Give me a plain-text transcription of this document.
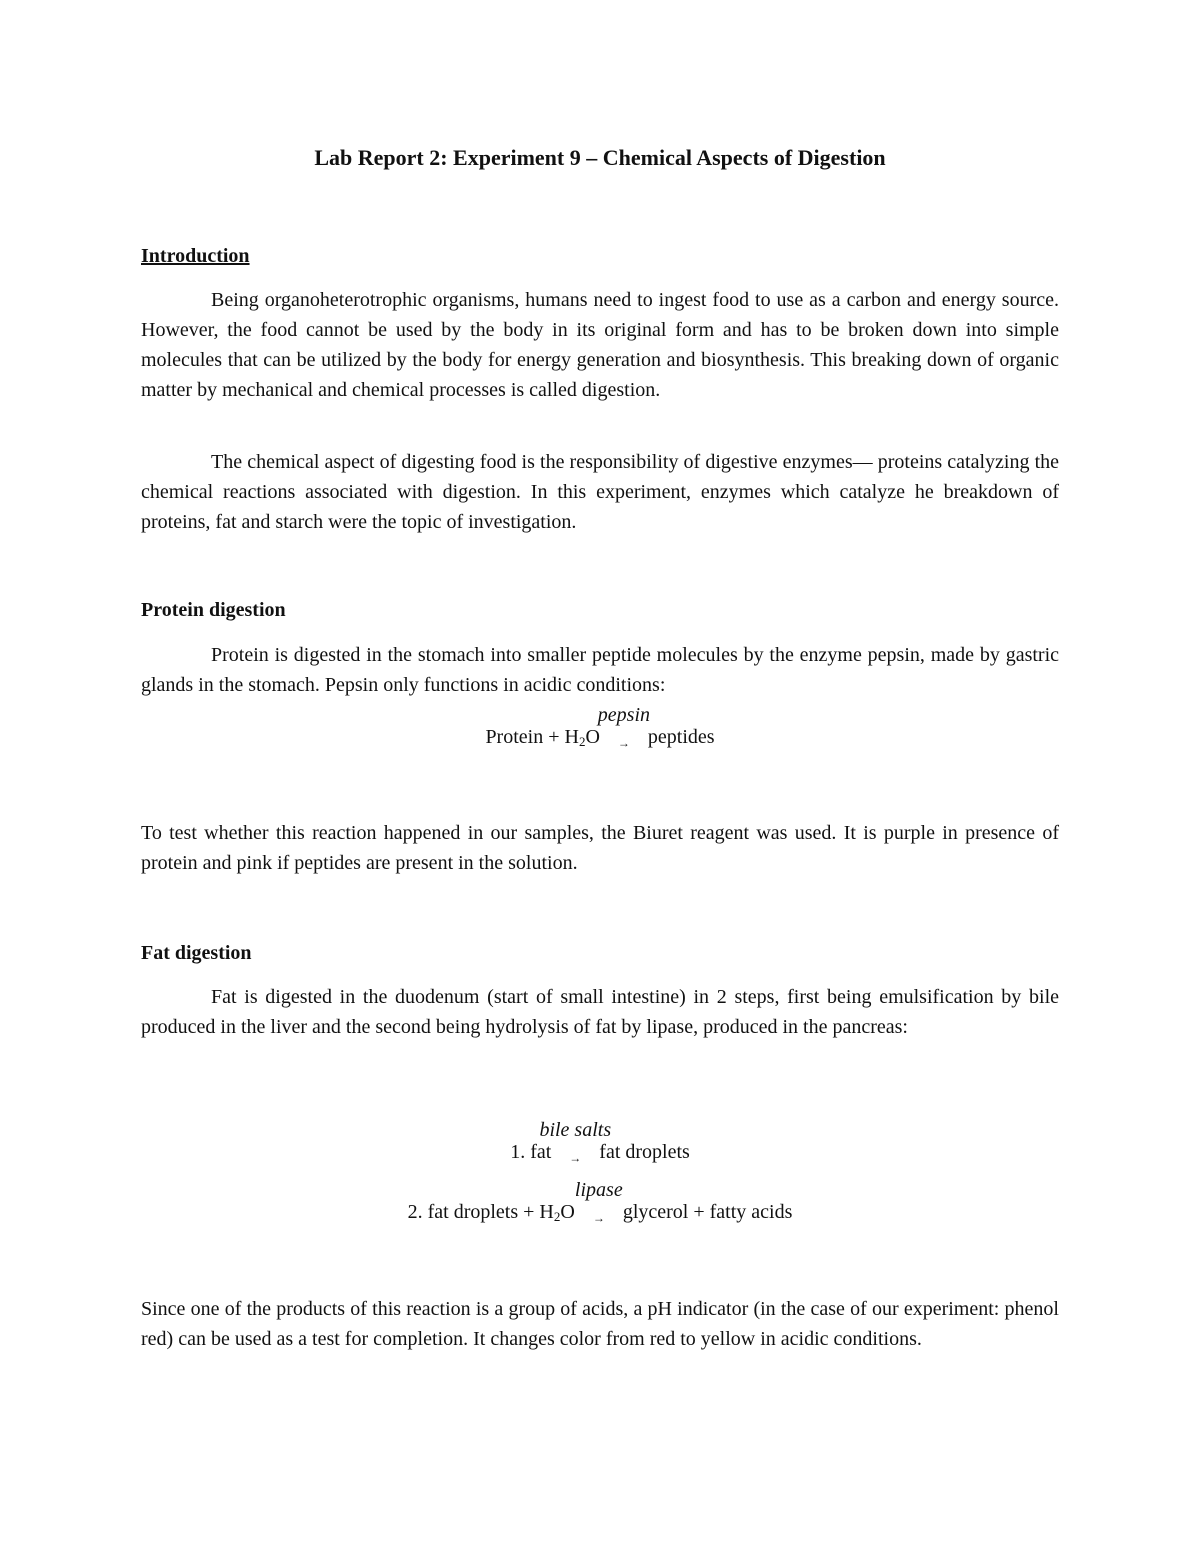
Lab Report 2: Experiment 9 – Chemical Aspects of Digestion
Introduction

Being organoheterotrophic organisms, humans need to ingest food to use as a carbon and energy source. However, the food cannot be used by the body in its original form and has to be broken down into simple molecules that can be utilized by the body for energy generation and biosynthesis. This breaking down of organic matter by mechanical and chemical processes is called digestion.

The chemical aspect of digesting food is the responsibility of digestive enzymes— proteins catalyzing the chemical reactions associated with digestion. In this experiment, enzymes which catalyze he breakdown of proteins, fat and starch were the topic of investigation.

Protein digestion

Protein is digested in the stomach into smaller peptide molecules by the enzyme pepsin, made by gastric glands in the stomach. Pepsin only functions in acidic conditions:

Protein + $H_2O$
pepsin
→ peptides

To test whether this reaction happened in our samples, the Biuret reagent was used. It is purple in presence of protein and pink if peptides are present in the solution.

Fat digestion

Fat is digested in the duodenum (start of small intestine) in 2 steps, first being emulsification by bile produced in the liver and the second being hydrolysis of fat by lipase, produced in the pancreas:

1. fat
bile salts
→ fat droplets
2. fat droplets + $H_2O$
lipase
→ glycerol + fatty acids

Since one of the products of this reaction is a group of acids, a pH indicator (in the case of our experiment: phenol red) can be used as a test for completion. It changes color from red to yellow in acidic conditions.
